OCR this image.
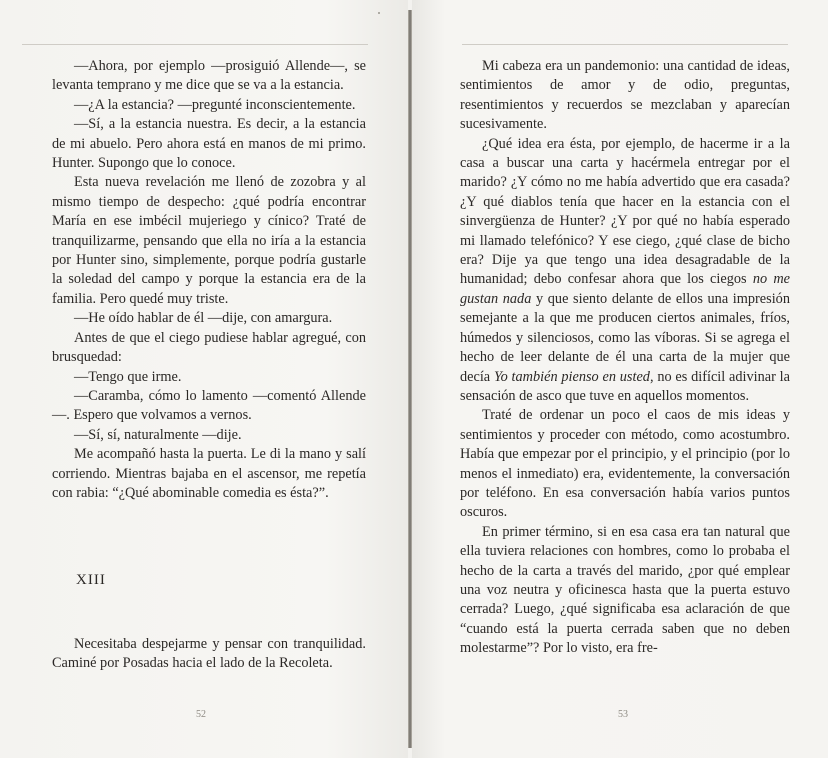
—Ahora, por ejemplo —prosiguió Allende—, se levanta temprano y me dice que se va a la estancia.

—¿A la estancia? —pregunté inconscientemente.

—Sí, a la estancia nuestra. Es decir, a la estancia de mi abuelo. Pero ahora está en manos de mi primo. Hunter. Supongo que lo conoce.

Esta nueva revelación me llenó de zozobra y al mismo tiempo de despecho: ¿qué podría encontrar María en ese imbécil mujeriego y cínico? Traté de tranquilizarme, pensando que ella no iría a la estancia por Hunter sino, simplemente, porque podría gustarle la soledad del campo y porque la estancia era de la familia. Pero quedé muy triste.

—He oído hablar de él —dije, con amargura.

Antes de que el ciego pudiese hablar agregué, con brusquedad:

—Tengo que irme.

—Caramba, cómo lo lamento —comentó Allende—. Espero que volvamos a vernos.

—Sí, sí, naturalmente —dije.

Me acompañó hasta la puerta. Le di la mano y salí corriendo. Mientras bajaba en el ascensor, me repetía con rabia: “¿Qué abominable comedia es ésta?”.

XIII

Necesitaba despejarme y pensar con tranquilidad. Caminé por Posadas hacia el lado de la Recoleta.

52

Mi cabeza era un pandemonio: una cantidad de ideas, sentimientos de amor y de odio, preguntas, resentimientos y recuerdos se mezclaban y aparecían sucesivamente.

¿Qué idea era ésta, por ejemplo, de hacerme ir a la casa a buscar una carta y hacérmela entregar por el marido? ¿Y cómo no me había advertido que era casada? ¿Y qué diablos tenía que hacer en la estancia con el sinvergüenza de Hunter? ¿Y por qué no había esperado mi llamado telefónico? Y ese ciego, ¿qué clase de bicho era? Dije ya que tengo una idea desagradable de la humanidad; debo confesar ahora que los ciegos no me gustan nada y que siento delante de ellos una impresión semejante a la que me producen ciertos animales, fríos, húmedos y silenciosos, como las víboras. Si se agrega el hecho de leer delante de él una carta de la mujer que decía Yo también pienso en usted, no es difícil adivinar la sensación de asco que tuve en aquellos momentos.

Traté de ordenar un poco el caos de mis ideas y sentimientos y proceder con método, como acostumbro. Había que empezar por el principio, y el principio (por lo menos el inmediato) era, evidentemente, la conversación por teléfono. En esa conversación había varios puntos oscuros.

En primer término, si en esa casa era tan natural que ella tuviera relaciones con hombres, como lo probaba el hecho de la carta a través del marido, ¿por qué emplear una voz neutra y oficinesca hasta que la puerta estuvo cerrada? Luego, ¿qué significaba esa aclaración de que “cuando está la puerta cerrada saben que no deben molestarme”? Por lo visto, era fre-

53
